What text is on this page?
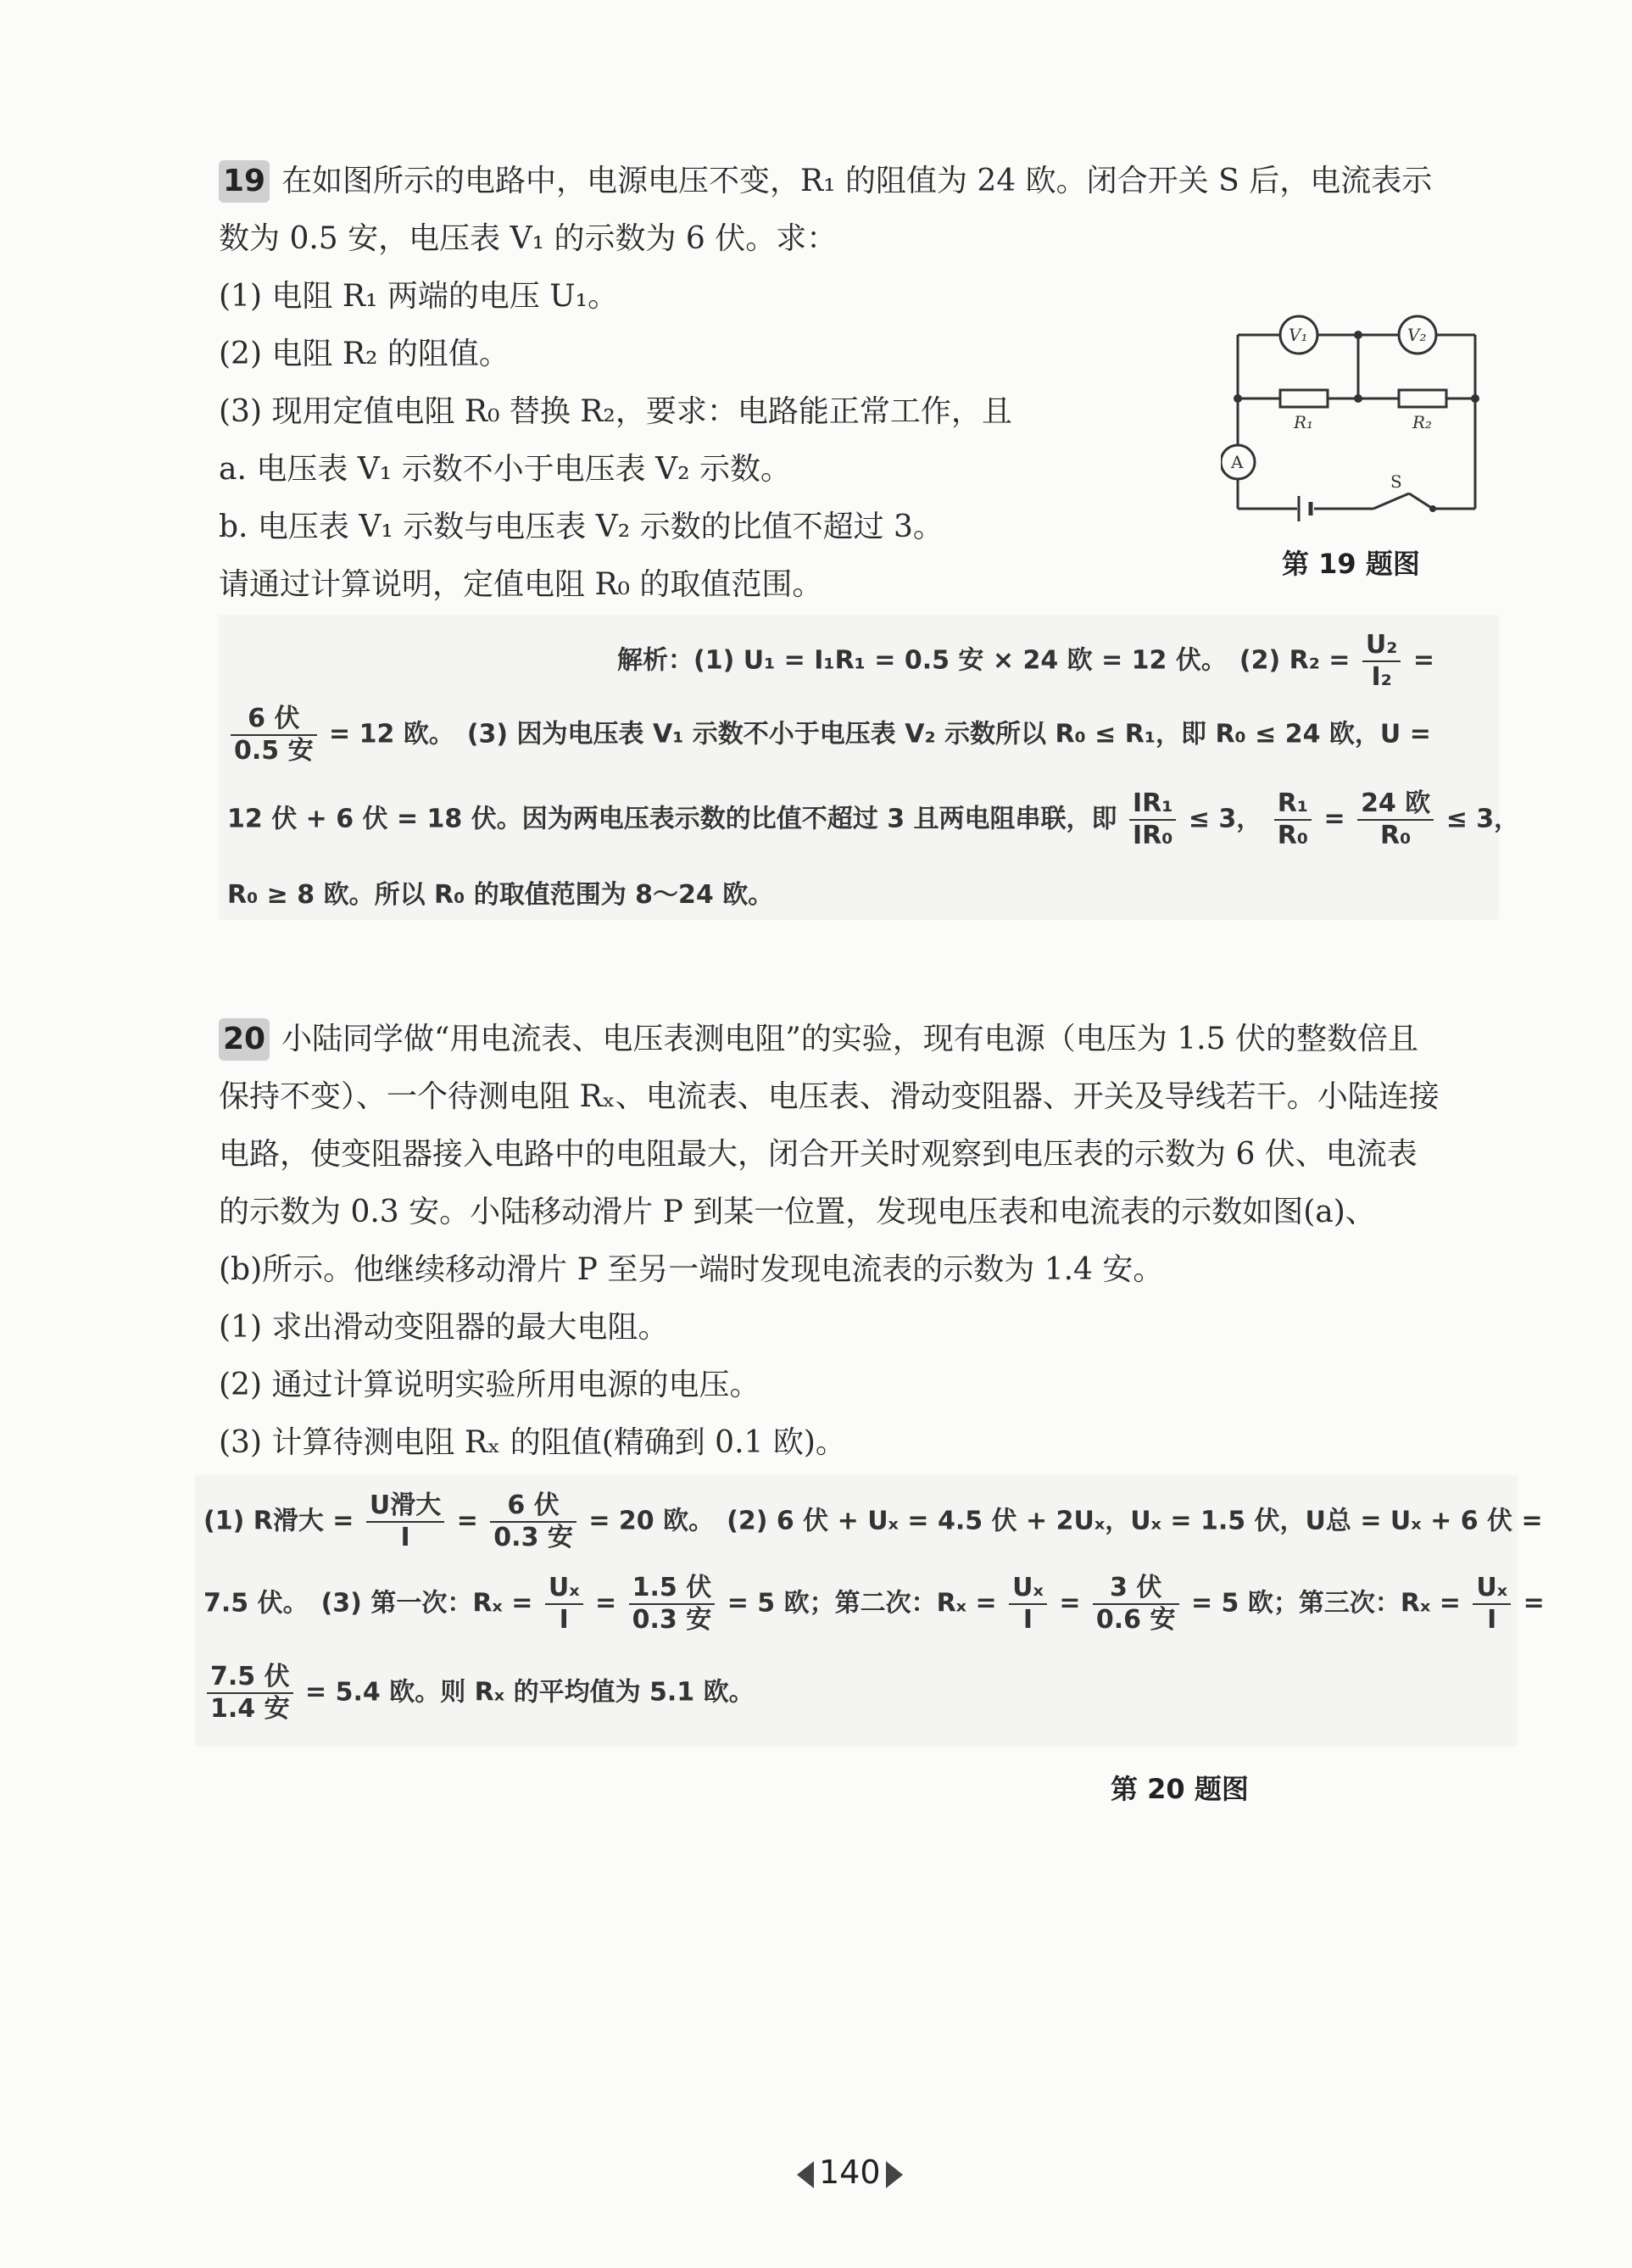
19 在如图所示的电路中，电源电压不变，R₁ 的阻值为 24 欧。闭合开关 S 后，电流表示
数为 0.5 安，电压表 V₁ 的示数为 6 伏。求：
(1) 电阻 R₁ 两端的电压 U₁。
(2) 电阻 R₂ 的阻值。
(3) 现用定值电阻 R₀ 替换 R₂，要求：电路能正常工作，且
a. 电压表 V₁ 示数不小于电压表 V₂ 示数。
b. 电压表 V₁ 示数与电压表 V₂ 示数的比值不超过 3。
请通过计算说明，定值电阻 R₀ 的取值范围。
V₁	V₂
R₁	R₂
A
S
第 19 题图
解析：(1) U₁ = I₁R₁ = 0.5 安 × 24 欧 = 12 伏。　(2) $R_2 = \frac{\text{U₂}}{\text{I₂}}$ =
$\frac{\text{6 伏}}{\text{0.5 安}} = 12$ 欧。　(3) 因为电压表 V₁ 示数不小于电压表 V₂ 示数所以 R₀ ≤ R₁，即 R₀ ≤ 24 欧，U =
12 伏 + 6 伏 = 18 伏。因为两电压表示数的比值不超过 3 且两电阻串联，即 $\frac{\text{IR₁}}{\text{IR₀}} \le 3$， $\frac{\text{R₁}}{\text{R₀}} = \frac{\text{24 欧}}{\text{R₀}} \le 3$，
R₀ ≥ 8 欧。所以 R₀ 的取值范围为 8～24 欧。
20 小陆同学做“用电流表、电压表测电阻”的实验，现有电源（电压为 1.5 伏的整数倍且
保持不变）、一个待测电阻 Rₓ、电流表、电压表、滑动变阻器、开关及导线若干。小陆连接
电路，使变阻器接入电路中的电阻最大，闭合开关时观察到电压表的示数为 6 伏、电流表
的示数为 0.3 安。小陆移动滑片 P 到某一位置，发现电压表和电流表的示数如图(a)、
(b)所示。他继续移动滑片 P 至另一端时发现电流表的示数为 1.4 安。
(1) 求出滑动变阻器的最大电阻。
(2) 通过计算说明实验所用电源的电压。
(3) 计算待测电阻 Rₓ 的阻值(精确到 0.1 欧)。
(1) R滑大 = $\frac{\text{U滑大}}{I} = \frac{\text{6 伏}}{\text{0.3 安}} = 20$ 欧。　(2) 6 伏 + Uₓ = 4.5 伏 + 2Uₓ，Uₓ = 1.5 伏，U总 = Uₓ + 6 伏 =
7.5 伏。　(3) 第一次：$R_x = \frac{\text{Uₓ}}{I} = \frac{\text{1.5 伏}}{\text{0.3 安}} = 5$ 欧；第二次：$R_x = \frac{\text{Uₓ}}{I} = \frac{\text{3 伏}}{\text{0.6 安}} = 5$ 欧；第三次：$R_x = \frac{\text{Uₓ}}{I}$ =
$\frac{\text{7.5 伏}}{\text{1.4 安}} = 5.4$ 欧。则 Rₓ 的平均值为 5.1 欧。
第 20 题图
140
